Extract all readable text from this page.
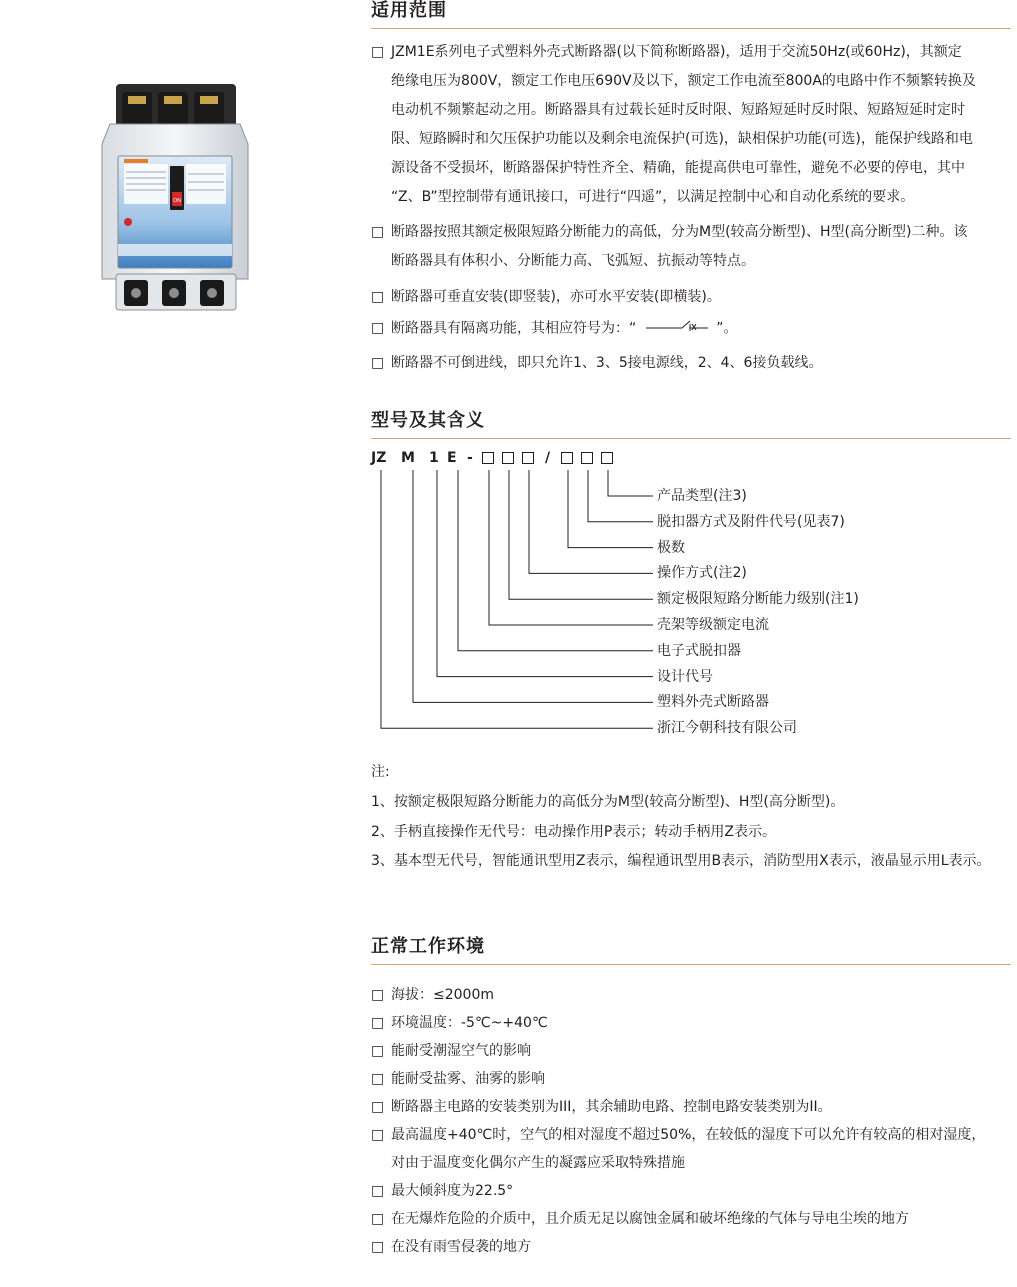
ON
适用范围
□ JZM1E系列电子式塑料外壳式断路器(以下简称断路器)，适用于交流50Hz(或60Hz)，其额定
绝缘电压为800V，额定工作电压690V及以下，额定工作电流至800A的电路中作不频繁转换及
电动机不频繁起动之用。断路器具有过载长延时反时限、短路短延时反时限、短路短延时定时
限、短路瞬时和欠压保护功能以及剩余电流保护(可选)，缺相保护功能(可选)，能保护线路和电
源设备不受损坏，断路器保护特性齐全、精确，能提高供电可靠性，避免不必要的停电，其中
“Z、B”型控制带有通讯接口，可进行“四遥”，以满足控制中心和自动化系统的要求。
□ 断路器按照其额定极限短路分断能力的高低，分为M型(较高分断型)、H型(高分断型)二种。该
断路器具有体积小、分断能力高、飞弧短、抗振动等特点。
□ 断路器可垂直安装(即竖装)，亦可水平安装(即横装)。
□ 断路器具有隔离功能，其相应符号为：“	”。
□ 断路器不可倒进线，即只允许1、3、5接电源线，2、4、6接负载线。
型号及其含义
JZ M 1 E -	/
产品类型(注3)
脱扣器方式及附件代号(见表7)
极数
操作方式(注2)
额定极限短路分断能力级别(注1)
壳架等级额定电流
电子式脱扣器
设计代号
塑料外壳式断路器
浙江今朝科技有限公司
注:
1、按额定极限短路分断能力的高低分为M型(较高分断型)、H型(高分断型)。
2、手柄直接操作无代号：电动操作用P表示；转动手柄用Z表示。
3、基本型无代号，智能通讯型用Z表示，编程通讯型用B表示，消防型用X表示，液晶显示用L表示。
正常工作环境
□ 海拔：≤2000m
□ 环境温度：-5℃~+40℃
□ 能耐受潮湿空气的影响
□ 能耐受盐雾、油雾的影响
□ 断路器主电路的安装类别为III，其余辅助电路、控制电路安装类别为II。
□ 最高温度+40℃时，空气的相对湿度不超过50%，在较低的湿度下可以允许有较高的相对湿度，
对由于温度变化偶尔产生的凝露应采取特殊措施
□ 最大倾斜度为22.5°
□ 在无爆炸危险的介质中，且介质无足以腐蚀金属和破坏绝缘的气体与导电尘埃的地方
□ 在没有雨雪侵袭的地方
